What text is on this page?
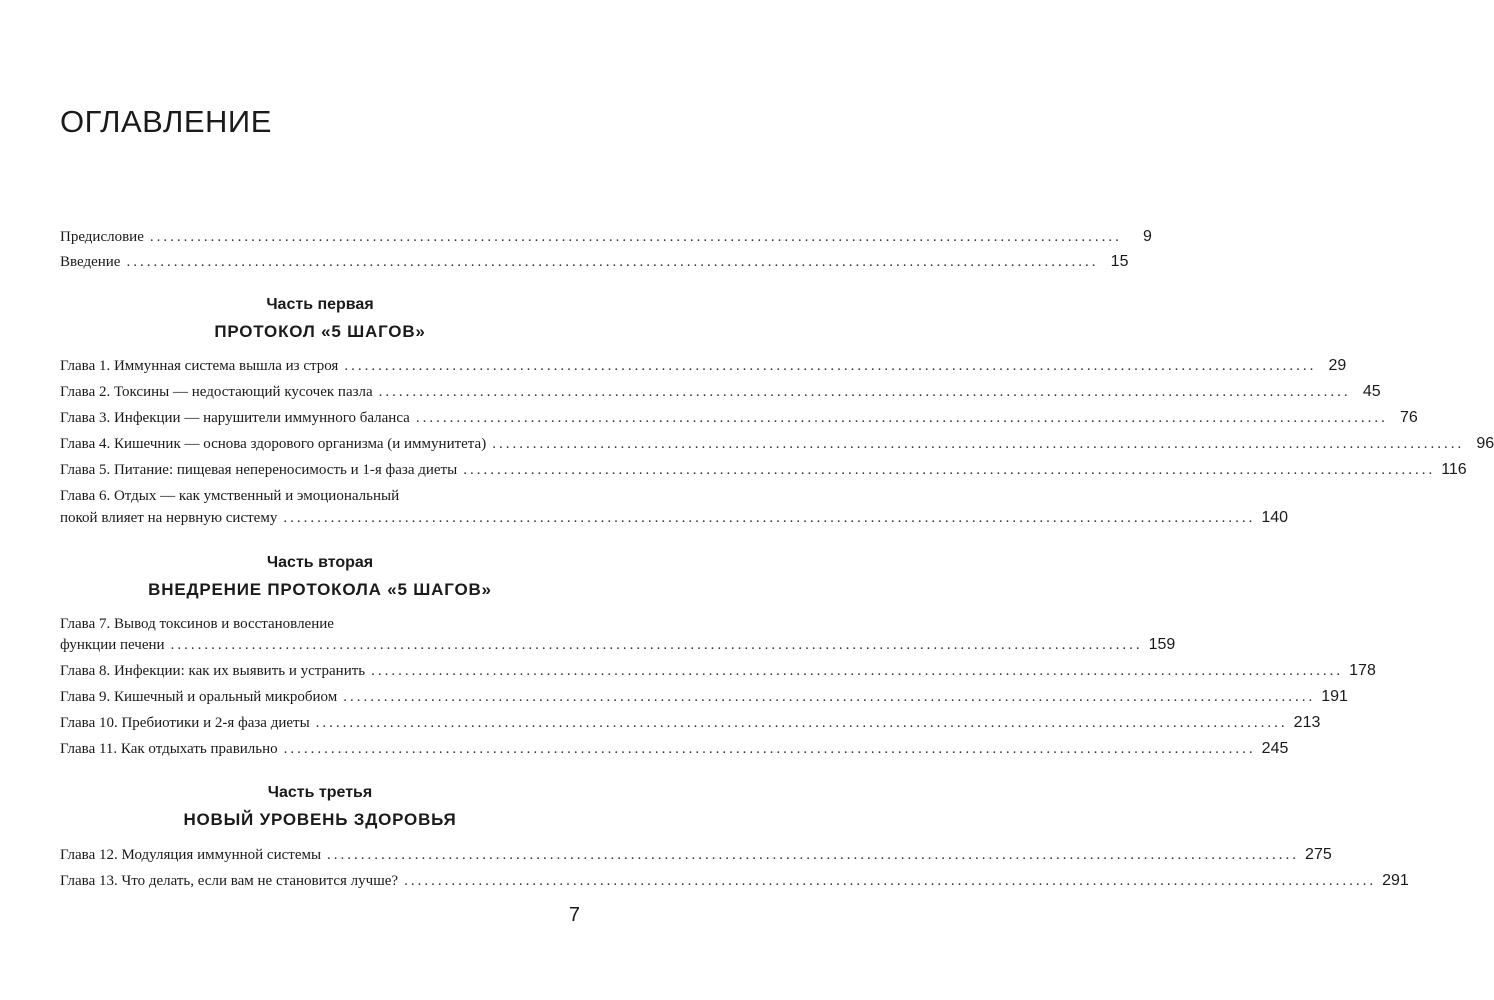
ОГЛАВЛЕНИЕ
Предисловие ................................................................................................................................................	9
Введение ................................................................................................................................................ 15
Часть первая
ПРОТОКОЛ «5 ШАГОВ»
Глава 1. Иммунная система вышла из строя ................................................................................................................................................ 29
Глава 2. Токсины — недостающий кусочек пазла ................................................................................................................................................ 45
Глава 3. Инфекции — нарушители иммунного баланса ................................................................................................................................................ 76
Глава 4. Кишечник — основа здорового организма (и иммунитета) ................................................................................................................................................ 96
Глава 5. Питание: пищевая непереносимость и 1-я фаза диеты ................................................................................................................................................ 116
Глава 6. Отдых — как умственный и эмоциональный
покой влияет на нервную систему ................................................................................................................................................ 140
Часть вторая
ВНЕДРЕНИЕ ПРОТОКОЛА «5 ШАГОВ»
Глава 7. Вывод токсинов и восстановление
функции печени ................................................................................................................................................ 159
Глава 8. Инфекции: как их выявить и устранить ................................................................................................................................................ 178
Глава 9. Кишечный и оральный микробиом ................................................................................................................................................ 191
Глава 10. Пребиотики и 2-я фаза диеты ................................................................................................................................................ 213
Глава 11. Как отдыхать правильно ................................................................................................................................................ 245
Часть третья
НОВЫЙ УРОВЕНЬ ЗДОРОВЬЯ
Глава 12. Модуляция иммунной системы ................................................................................................................................................ 275
Глава 13. Что делать, если вам не становится лучше? ................................................................................................................................................ 291
7
